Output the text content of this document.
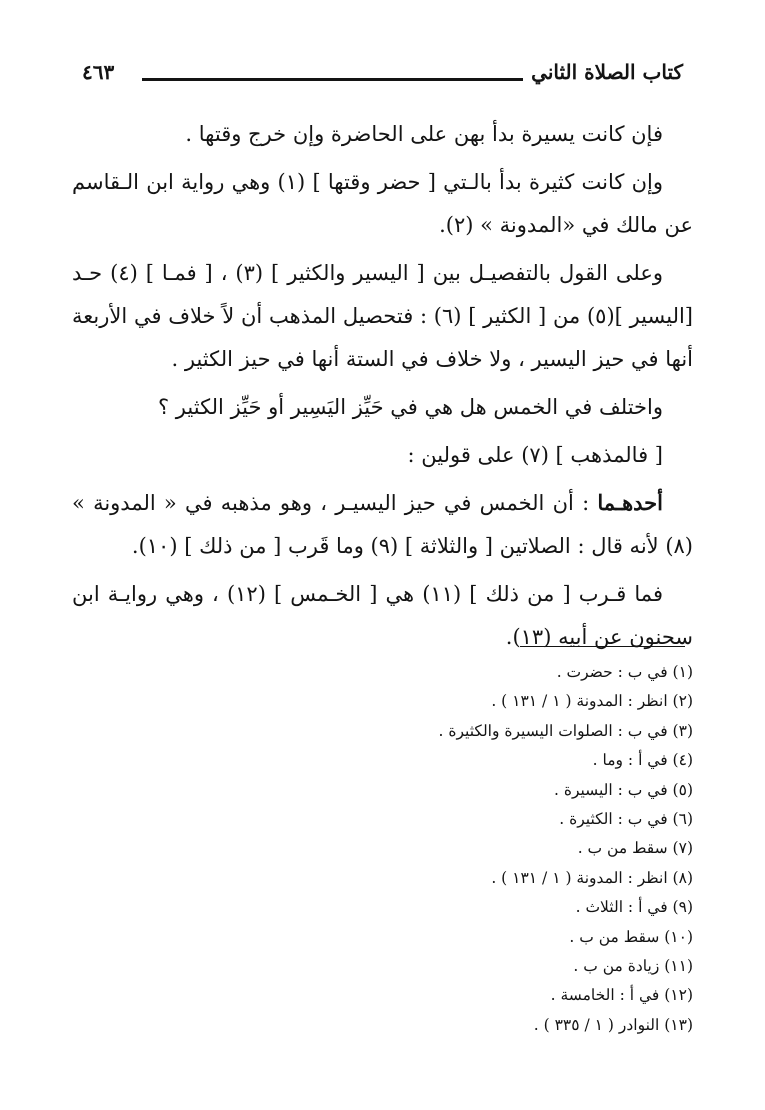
كتاب الصلاة الثاني
٤٦٣

فإن كانت يسيرة بدأ بهن على الحاضرة وإن خرج وقتها .

وإن كانت كثيرة بدأ بالـتي [ حضر وقتها ] (١) وهي رواية ابن الـقاسم عن مالك في «المدونة » (٢).

وعلى القول بالتفصيـل بين [ اليسير والكثير ] (٣) ، [ فمـا ] (٤) حـد [اليسير ](٥) من [ الكثير ] (٦) : فتحصيل المذهب أن لاً خلاف في الأربعة أنها في حيز اليسير ، ولا خلاف في الستة أنها في حيز الكثير .

واختلف في الخمس هل هي في حَيِّز اليَسِير أو حَيِّز الكثير ؟

[ فالمذهب ] (٧) على قولين :

أحدهـما : أن الخمس في حيز اليسيـر ، وهو مذهبه في « المدونة » (٨) لأنه قال : الصلاتين [ والثلاثة ] (٩) وما قَرب [ من ذلك ] (١٠).

فما قـرب [ من ذلك ] (١١) هي [ الخـمس ] (١٢) ، وهي روايـة ابن سحنون عن أبيه (١٣).

(١) في ب : حضرت .
(٢) انظر : المدونة ( ١ / ١٣١ ) .
(٣) في ب : الصلوات اليسيرة والكثيرة .
(٤) في أ : وما .
(٥) في ب : اليسيرة .
(٦) في ب : الكثيرة .
(٧) سقط من ب .
(٨) انظر : المدونة ( ١ / ١٣١ ) .
(٩) في أ : الثلاث .
(١٠) سقط من ب .
(١١) زيادة من ب .
(١٢) في أ : الخامسة .
(١٣) النوادر ( ١ / ٣٣٥ ) .
